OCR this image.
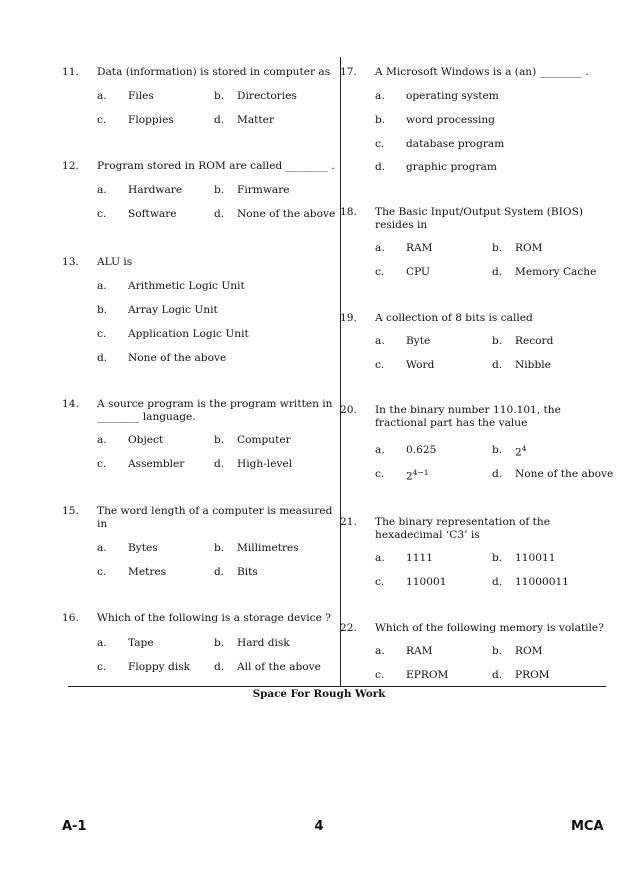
11.	Data (information) is stored in computer as
a. Files	b. Directories
c. Floppies	d. Matter
12.	Program stored in ROM are called ________ .
a. Hardware	b. Firmware
c. Software	d. None of the above
13.	ALU is
a. Arithmetic Logic Unit
b. Array Logic Unit
c. Application Logic Unit
d. None of the above
14.	A source program is the program written in ________ language.
a. Object	b. Computer
c. Assembler	d. High-level
15.	The word length of a computer is measured in
a. Bytes	b. Millimetres
c. Metres	d. Bits
16.	Which of the following is a storage device ?
a. Tape	b. Hard disk
c. Floppy disk d. All of the above
17.	A Microsoft Windows is a (an) ________ .
a. operating system
b. word processing
c. database program
d. graphic program
18.	The Basic Input/Output System (BIOS) resides in
a. RAM	b. ROM
c. CPU	d. Memory Cache
19.	A collection of 8 bits is called
a. Byte	b. Record
c. Word	d. Nibble
20.	In the binary number 110.101, the fractional part has the value
a. 0.625	b. $2^4$
c. $2^{4-1}$	d. None of the above
21.	The binary representation of the hexadecimal ‘C3’ is
a. 1111	b. 110011
c. 110001	d. 11000011
22.	Which of the following memory is volatile?
a. RAM	b. ROM
c. EPROM	d. PROM
Space For Rough Work
A-1	4	MCA
